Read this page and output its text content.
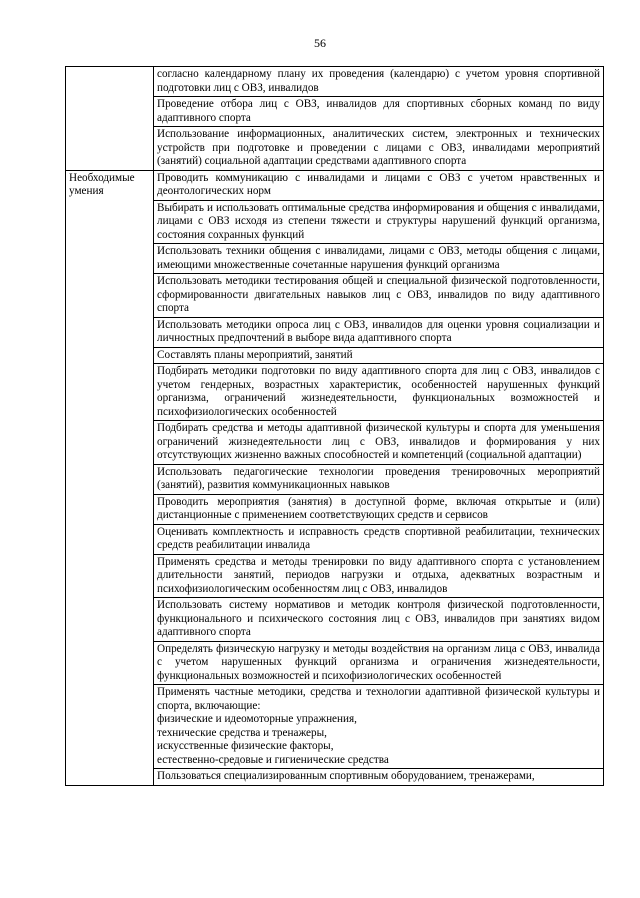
56
	согласно календарному плану их проведения (календарю) с учетом уровня спортивной подготовки лиц с ОВЗ, инвалидов
	Проведение отбора лиц с ОВЗ, инвалидов для спортивных сборных команд по виду адаптивного спорта
	Использование информационных, аналитических систем, электронных и технических устройств при подготовке и проведении с лицами с ОВЗ, инвалидами мероприятий (занятий) социальной адаптации средствами адаптивного спорта
Необходимые умения	Проводить коммуникацию с инвалидами и лицами с ОВЗ с учетом нравственных и деонтологических норм
	Выбирать и использовать оптимальные средства информирования и общения с инвалидами, лицами с ОВЗ исходя из степени тяжести и структуры нарушений функций организма, состояния сохранных функций
	Использовать техники общения с инвалидами, лицами с ОВЗ, методы общения с лицами, имеющими множественные сочетанные нарушения функций организма
	Использовать методики тестирования общей и специальной физической подготовленности, сформированности двигательных навыков лиц с ОВЗ, инвалидов по виду адаптивного спорта
	Использовать методики опроса лиц с ОВЗ, инвалидов для оценки уровня социализации и личностных предпочтений в выборе вида адаптивного спорта
	Составлять планы мероприятий, занятий
	Подбирать методики подготовки по виду адаптивного спорта для лиц с ОВЗ, инвалидов с учетом гендерных, возрастных характеристик, особенностей нарушенных функций организма, ограничений жизнедеятельности, функциональных возможностей и психофизиологических особенностей
	Подбирать средства и методы адаптивной физической культуры и спорта для уменьшения ограничений жизнедеятельности лиц с ОВЗ, инвалидов и формирования у них отсутствующих жизненно важных способностей и компетенций (социальной адаптации)
	Использовать педагогические технологии проведения тренировочных мероприятий (занятий), развития коммуникационных навыков
	Проводить мероприятия (занятия) в доступной форме, включая открытые и (или) дистанционные с применением соответствующих средств и сервисов
	Оценивать комплектность и исправность средств спортивной реабилитации, технических средств реабилитации инвалида
	Применять средства и методы тренировки по виду адаптивного спорта с установлением длительности занятий, периодов нагрузки и отдыха, адекватных возрастным и психофизиологическим особенностям лиц с ОВЗ, инвалидов
	Использовать систему нормативов и методик контроля физической подготовленности, функционального и психического состояния лиц с ОВЗ, инвалидов при занятиях видом адаптивного спорта
	Определять физическую нагрузку и методы воздействия на организм лица с ОВЗ, инвалида с учетом нарушенных функций организма и ограничения жизнедеятельности, функциональных возможностей и психофизиологических особенностей
	Применять частные методики, средства и технологии адаптивной физической культуры и спорта, включающие:
физические и идеомоторные упражнения,
технические средства и тренажеры,
искусственные физические факторы,
естественно-средовые и гигиенические средства

	Пользоваться специализированным спортивным оборудованием, тренажерами,
